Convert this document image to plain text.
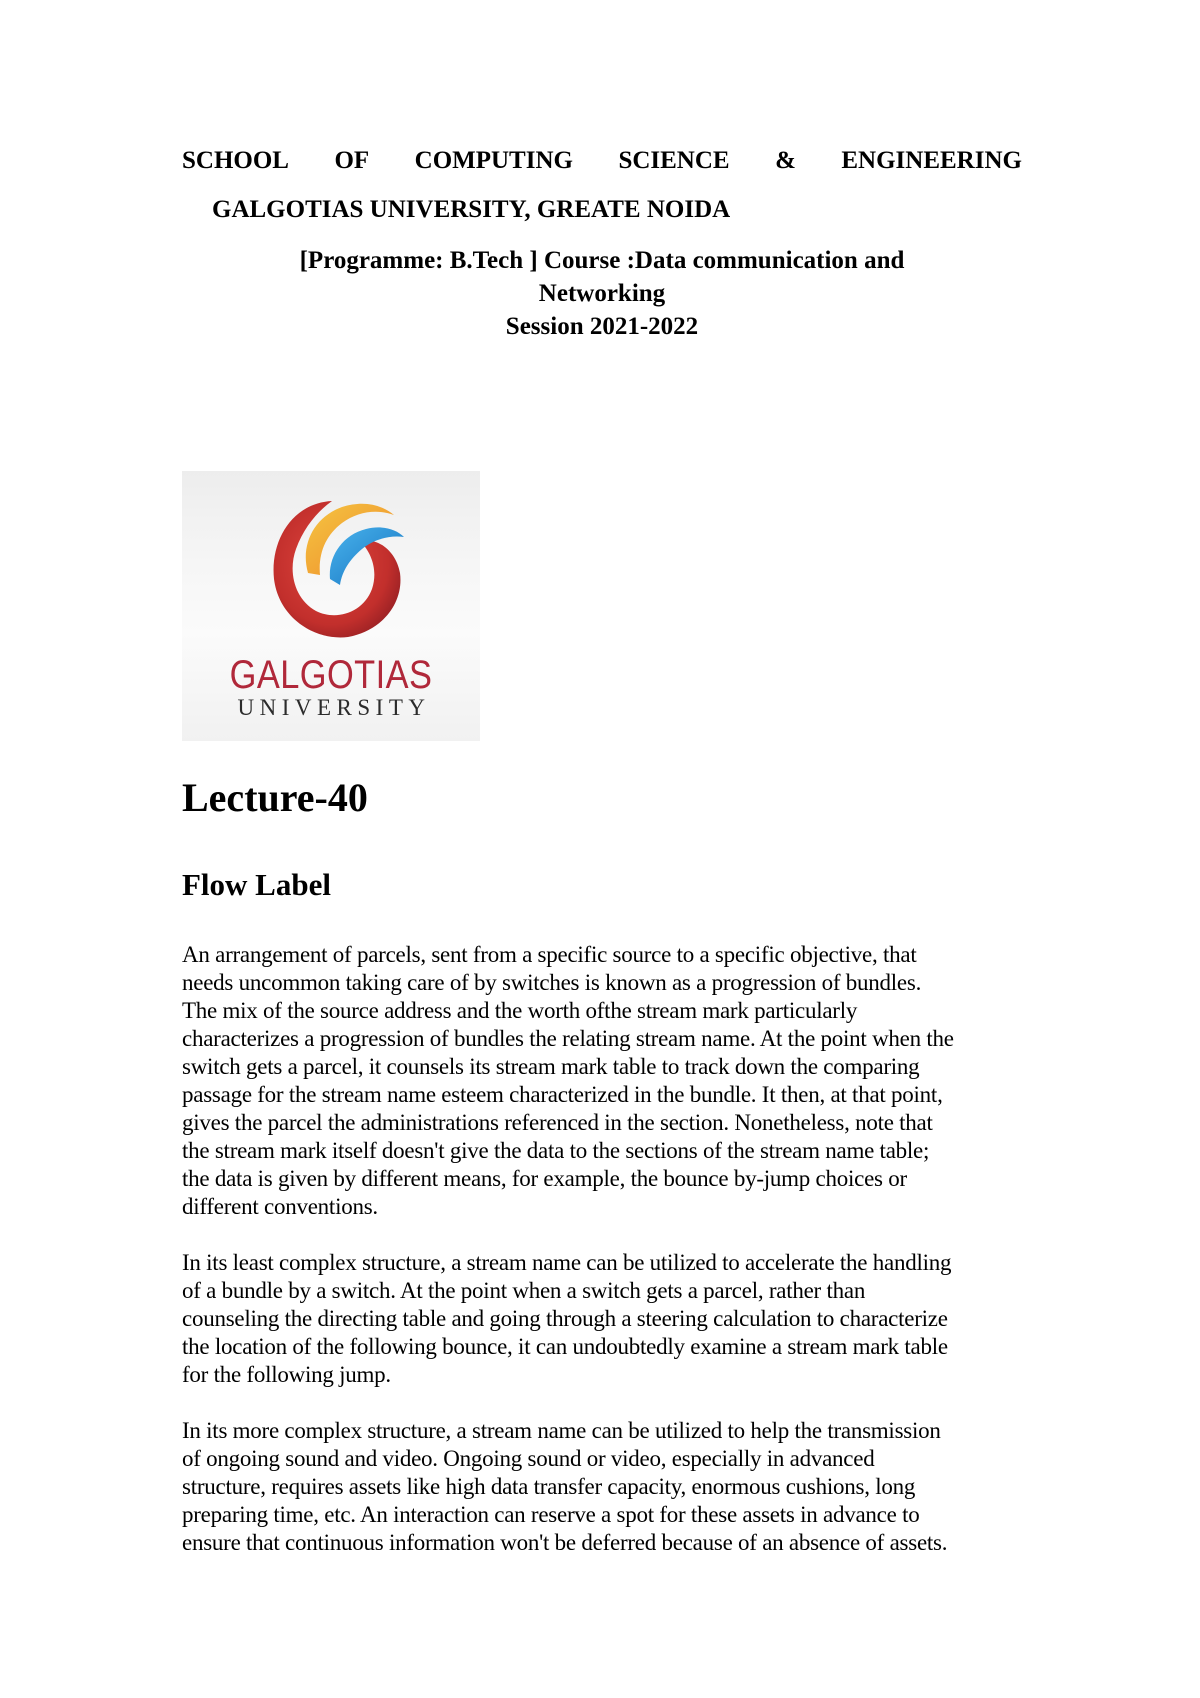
SCHOOL OF COMPUTING SCIENCE & ENGINEERING
GALGOTIAS UNIVERSITY, GREATE NOIDA
[Programme: B.Tech ] Course :Data communication and
Networking
Session 2021-2022
GALGOTIAS
UNIVERSITY
Lecture-40
Flow Label
An arrangement of parcels, sent from a specific source to a specific objective, that
needs uncommon taking care of by switches is known as a progression of bundles.
The mix of the source address and the worth ofthe stream mark particularly
characterizes a progression of bundles the relating stream name. At the point when the
switch gets a parcel, it counsels its stream mark table to track down the comparing
passage for the stream name esteem characterized in the bundle. It then, at that point,
gives the parcel the administrations referenced in the section. Nonetheless, note that
the stream mark itself doesn't give the data to the sections of the stream name table;
the data is given by different means, for example, the bounce by-jump choices or
different conventions.
In its least complex structure, a stream name can be utilized to accelerate the handling
of a bundle by a switch. At the point when a switch gets a parcel, rather than
counseling the directing table and going through a steering calculation to characterize
the location of the following bounce, it can undoubtedly examine a stream mark table
for the following jump.
In its more complex structure, a stream name can be utilized to help the transmission
of ongoing sound and video. Ongoing sound or video, especially in advanced
structure, requires assets like high data transfer capacity, enormous cushions, long
preparing time, etc. An interaction can reserve a spot for these assets in advance to
ensure that continuous information won't be deferred because of an absence of assets.
